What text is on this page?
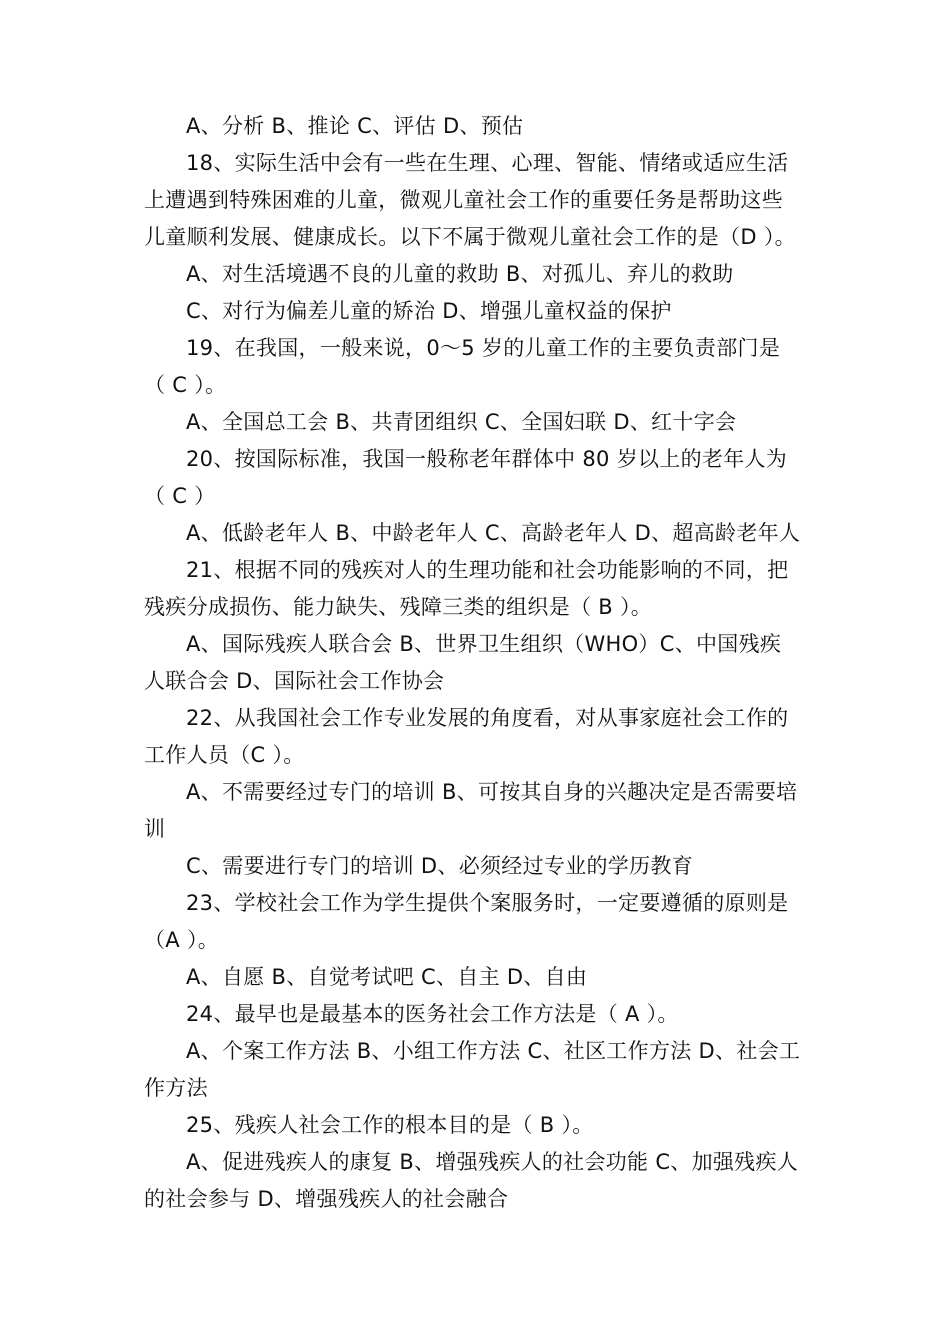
A、分析 B、推论 C、评估 D、预估
18、实际生活中会有一些在生理、心理、智能、情绪或适应生活
上遭遇到特殊困难的儿童，微观儿童社会工作的重要任务是帮助这些
儿童顺利发展、健康成长。以下不属于微观儿童社会工作的是（D ）。
A、对生活境遇不良的儿童的救助 B、对孤儿、弃儿的救助
C、对行为偏差儿童的矫治 D、增强儿童权益的保护
19、在我国，一般来说，0～5 岁的儿童工作的主要负责部门是
（ C ）。
A、全国总工会 B、共青团组织 C、全国妇联 D、红十字会
20、按国际标准，我国一般称老年群体中 80 岁以上的老年人为
（ C ）
A、低龄老年人 B、中龄老年人 C、高龄老年人 D、超高龄老年人
21、根据不同的残疾对人的生理功能和社会功能影响的不同，把
残疾分成损伤、能力缺失、残障三类的组织是（ B ）。
A、国际残疾人联合会 B、世界卫生组织（WHO）C、中国残疾
人联合会 D、国际社会工作协会
22、从我国社会工作专业发展的角度看，对从事家庭社会工作的
工作人员（C ）。
A、不需要经过专门的培训 B、可按其自身的兴趣决定是否需要培
训
C、需要进行专门的培训 D、必须经过专业的学历教育
23、学校社会工作为学生提供个案服务时，一定要遵循的原则是
（A ）。
A、自愿 B、自觉考试吧 C、自主 D、自由
24、最早也是最基本的医务社会工作方法是（ A ）。
A、个案工作方法 B、小组工作方法 C、社区工作方法 D、社会工
作方法
25、残疾人社会工作的根本目的是（ B ）。
A、促进残疾人的康复 B、增强残疾人的社会功能 C、加强残疾人
的社会参与 D、增强残疾人的社会融合
